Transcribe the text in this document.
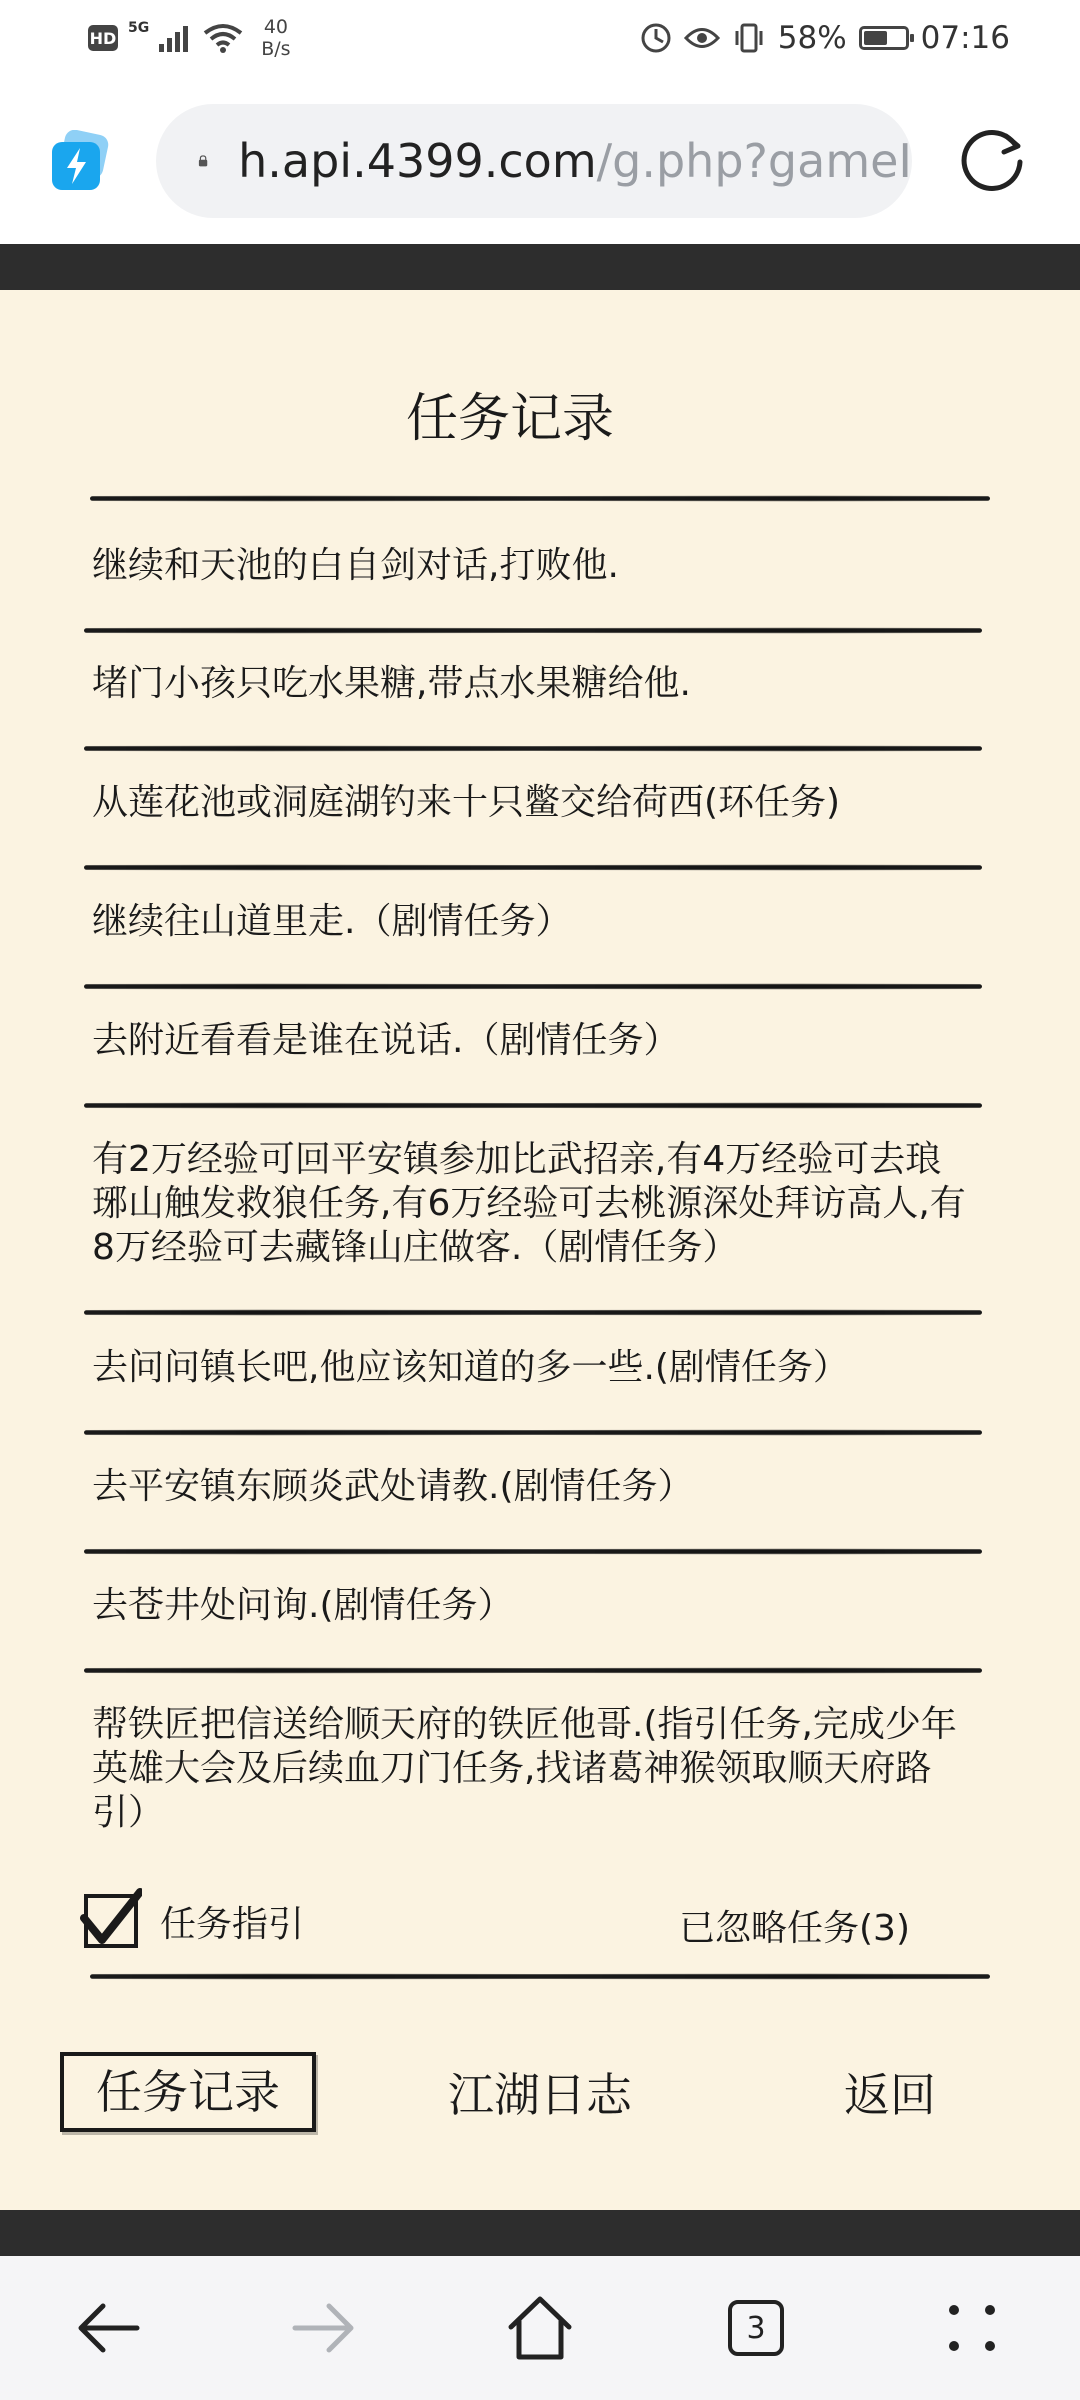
HD
5G	40
B/s	58% 07:16
h.api.4399.com/g.php?gameI
任务记录
继续和天池的白自剑对话,打败他.
堵门小孩只吃水果糖,带点水果糖给他.
从莲花池或洞庭湖钓来十只鳖交给荷西(环任务)
继续往山道里走.（剧情任务）
去附近看看是谁在说话.（剧情任务）
有2万经验可回平安镇参加比武招亲,有4万经验可去琅琊山触发救狼任务,有6万经验可去桃源深处拜访高人,有8万经验可去藏锋山庄做客.（剧情任务）
去问问镇长吧,他应该知道的多一些.(剧情任务）
去平安镇东顾炎武处请教.(剧情任务）
去苍井处问询.(剧情任务）
帮铁匠把信送给顺天府的铁匠他哥.(指引任务,完成少年英雄大会及后续血刀门任务,找诸葛神猴领取顺天府路引）
任务指引	已忽略任务(3)
任务记录	江湖日志	返回
3
